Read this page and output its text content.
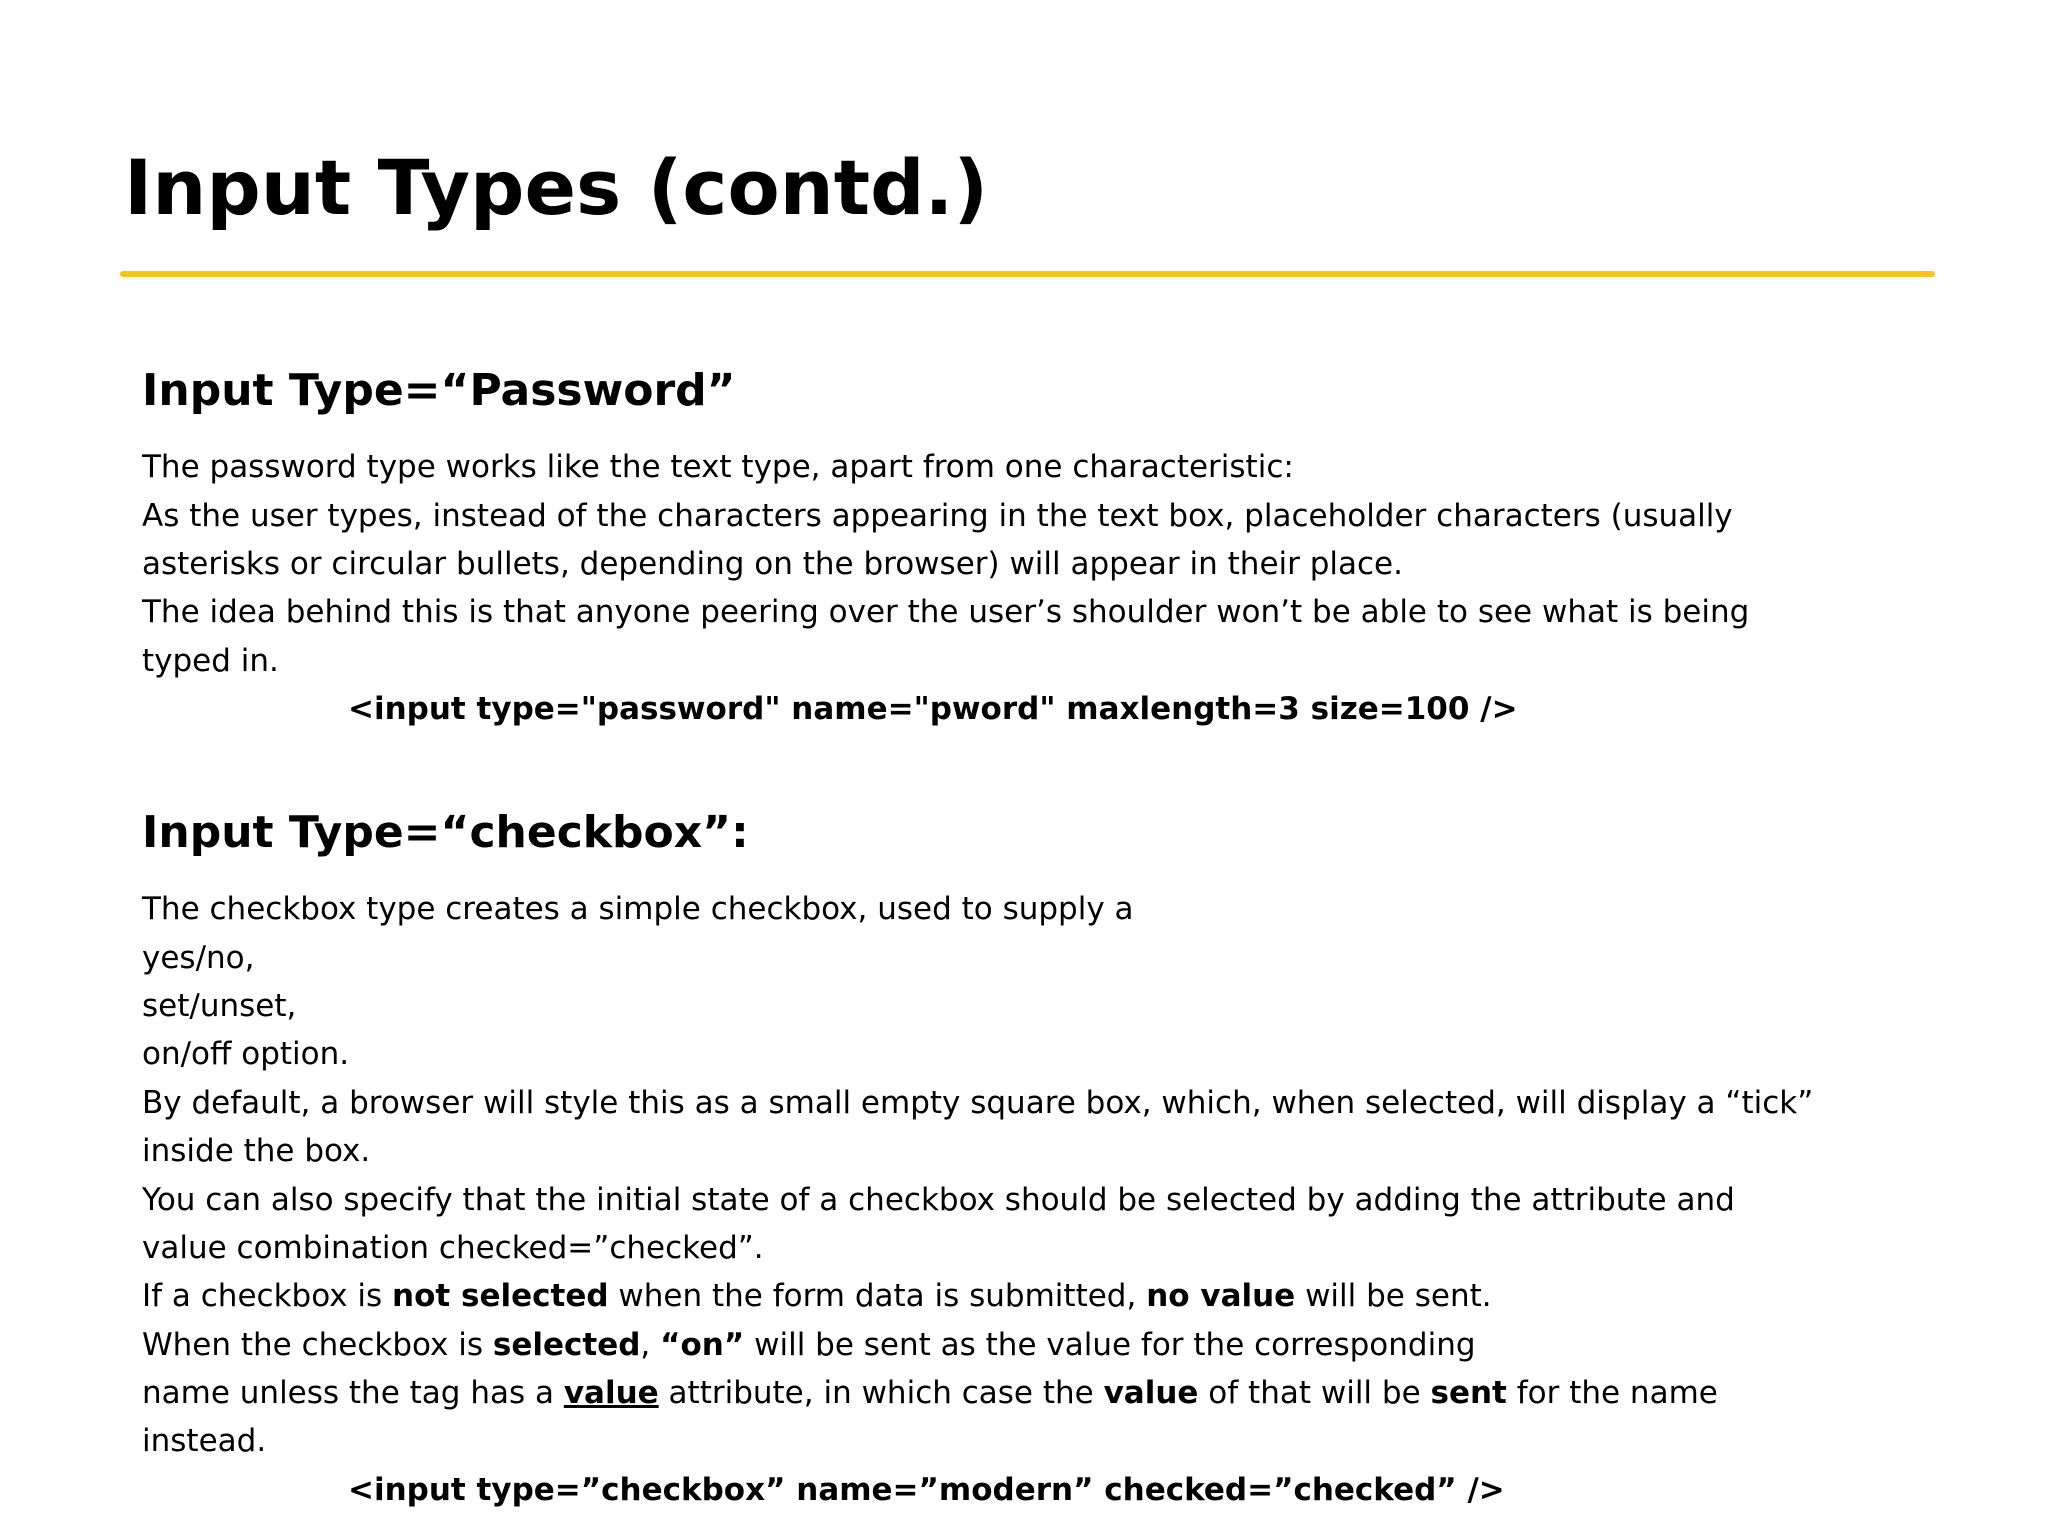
Input Types (contd.)
Input Type=“Password”
The password type works like the text type, apart from one characteristic:
As the user types, instead of the characters appearing in the text box, placeholder characters (usually
asterisks or circular bullets, depending on the browser) will appear in their place.
The idea behind this is that anyone peering over the user’s shoulder won’t be able to see what is being
typed in.
<input type="password" name="pword" maxlength=3 size=100 />
Input Type=“checkbox”:
The checkbox type creates a simple checkbox, used to supply a
yes/no,
set/unset,
on/off option.
By default, a browser will style this as a small empty square box, which, when selected, will display a “tick”
inside the box.
You can also specify that the initial state of a checkbox should be selected by adding the attribute and
value combination checked=”checked”.
If a checkbox is not selected when the form data is submitted, no value will be sent.
When the checkbox is selected, “on” will be sent as the value for the corresponding
name unless the tag has a value attribute, in which case the value of that will be sent for the name
instead.
<input type=”checkbox” name=”modern” checked=”checked” />
